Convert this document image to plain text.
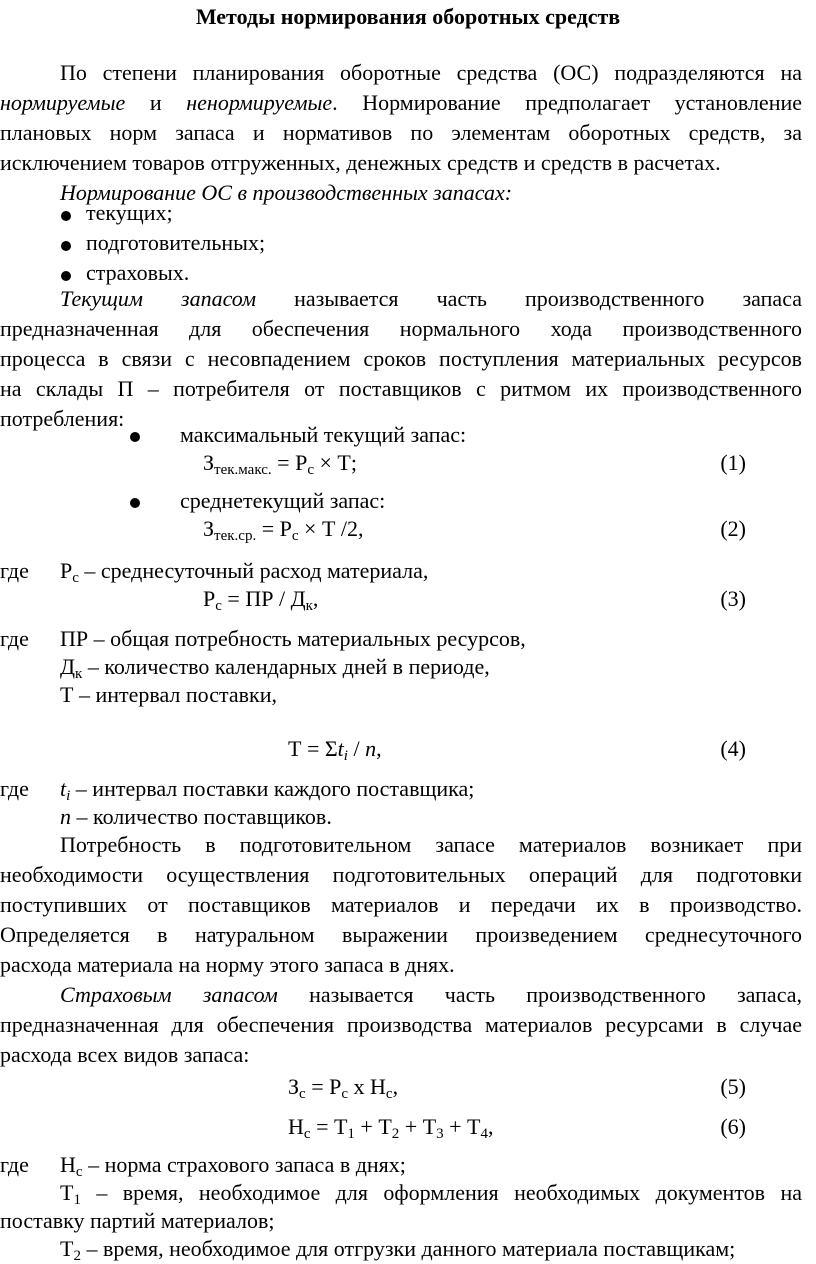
Методы нормирования оборотных средств
По степени планирования оборотные средства (ОС) подразделяются на
нормируемые и ненормируемые. Нормирование предполагает установление
плановых норм запаса и нормативов по элементам оборотных средств, за
исключением товаров отгруженных, денежных средств и средств в расчетах.
Нормирование ОС в производственных запасах:
текущих;
подготовительных;
страховых.
Текущим запасом называется часть производственного запаса
предназначенная для обеспечения нормального хода производственного
процесса в связи с несовпадением сроков поступления материальных ресурсов
на склады П – потребителя от поставщиков с ритмом их производственного
потребления:
максимальный текущий запас:
$З_{тек.макс.} = Р_с \times Т$;	(1)
среднетекущий запас:
$З_{тек.ср.} = Р_с \times Т$ /2,	(2)
где $Р_с$ – среднесуточный расход материала,
$Р_с$ = ПР / $Д_к$,	(3)
где ПР – общая потребность материальных ресурсов,
$Д_к$ – количество календарных дней в периоде,
Т – интервал поставки,
$Т = \Sigma t_i / n$,	(4)
где $t_i$ – интервал поставки каждого поставщика;
n – количество поставщиков.
Потребность в подготовительном запасе материалов возникает при
необходимости осуществления подготовительных операций для подготовки
поступивших от поставщиков материалов и передачи их в производство.
Определяется в натуральном выражении произведением среднесуточного
расхода материала на норму этого запаса в днях.
Страховым запасом называется часть производственного запаса,
предназначенная для обеспечения производства материалов ресурсами в случае
расхода всех видов запаса:
$З_с = Р_с$ х $Н_с$,	(5)
$Н_с = Т_1 + Т_2 + Т_3 + Т_4$,	(6)
где $Н_с$ – норма страхового запаса в днях;
$Т_1$ – время, необходимое для оформления необходимых документов на
поставку партий материалов;
$Т_2$ – время, необходимое для отгрузки данного материала поставщикам;
